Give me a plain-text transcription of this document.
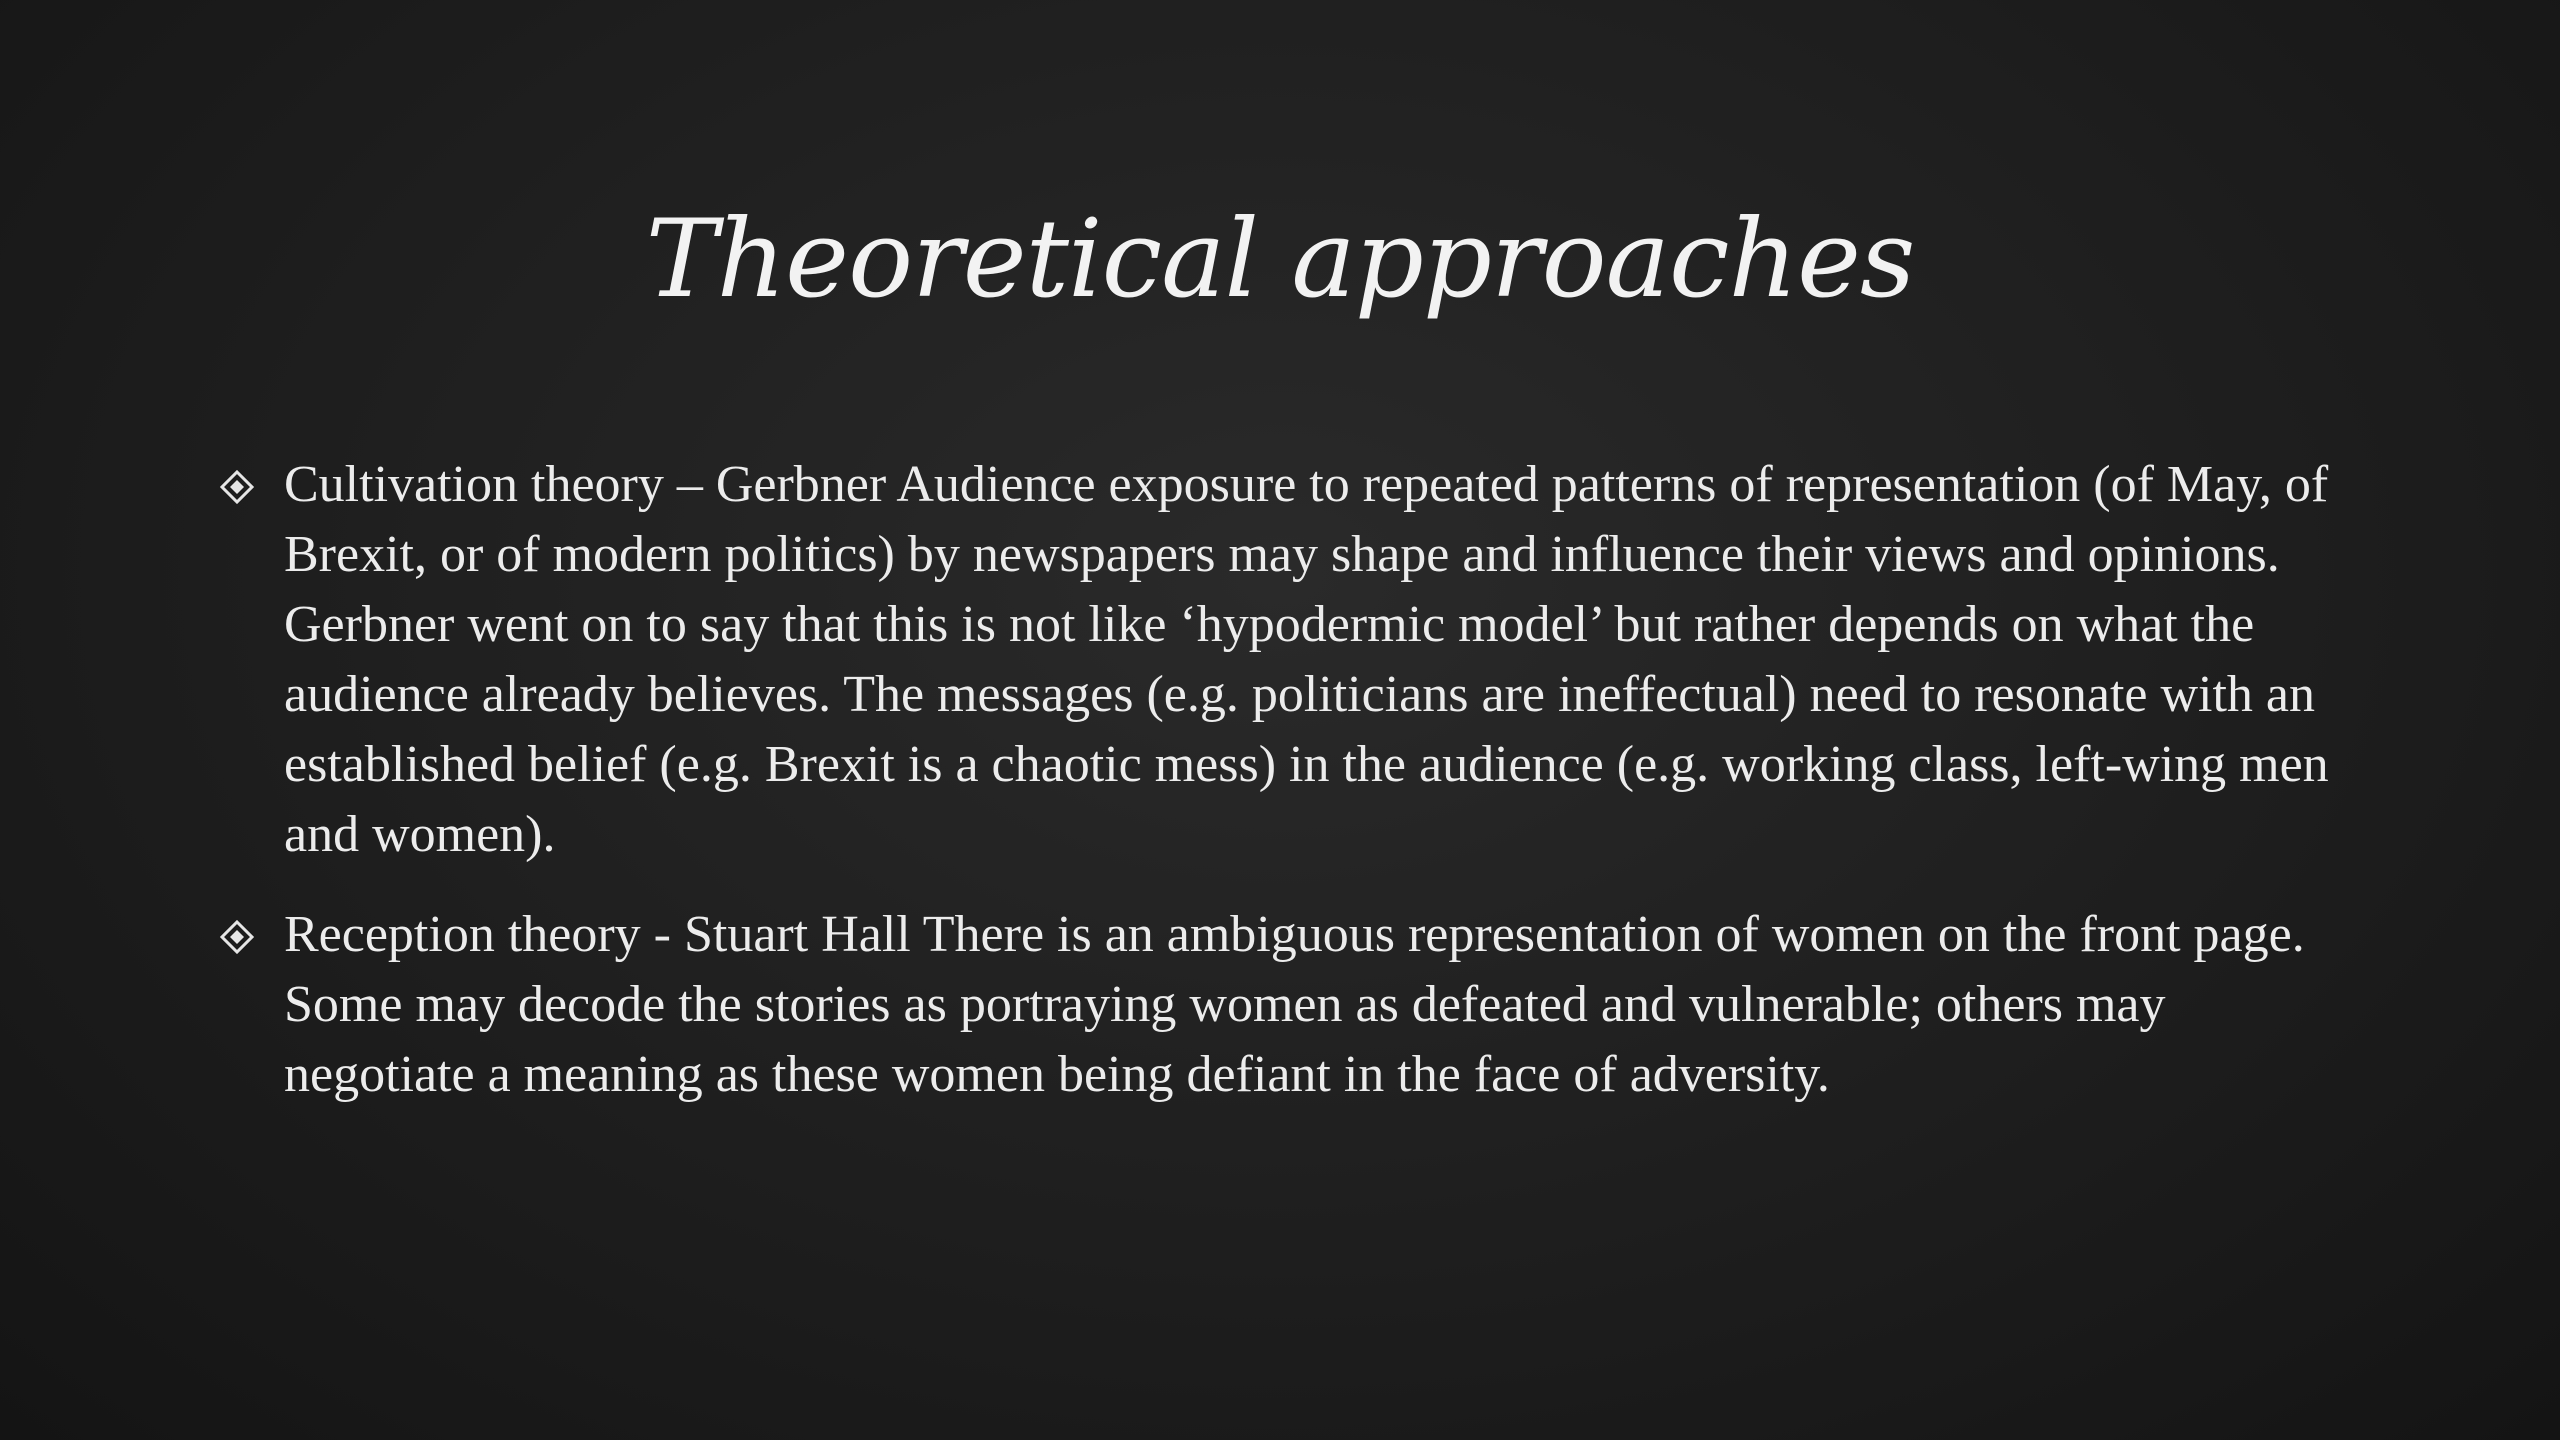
Theoretical approaches
Cultivation theory – Gerbner Audience exposure to repeated patterns of representation (of May, of Brexit, or of modern politics) by newspapers may shape and influence their views and opinions. Gerbner went on to say that this is not like ‘hypodermic model’ but rather depends on what the audience already believes. The messages (e.g. politicians are ineffectual) need to resonate with an established belief (e.g. Brexit is a chaotic mess) in the audience (e.g. working class, left-wing men and women).
Reception theory - Stuart Hall There is an ambiguous representation of women on the front page. Some may decode the stories as portraying women as defeated and vulnerable; others may negotiate a meaning as these women being defiant in the face of adversity.
